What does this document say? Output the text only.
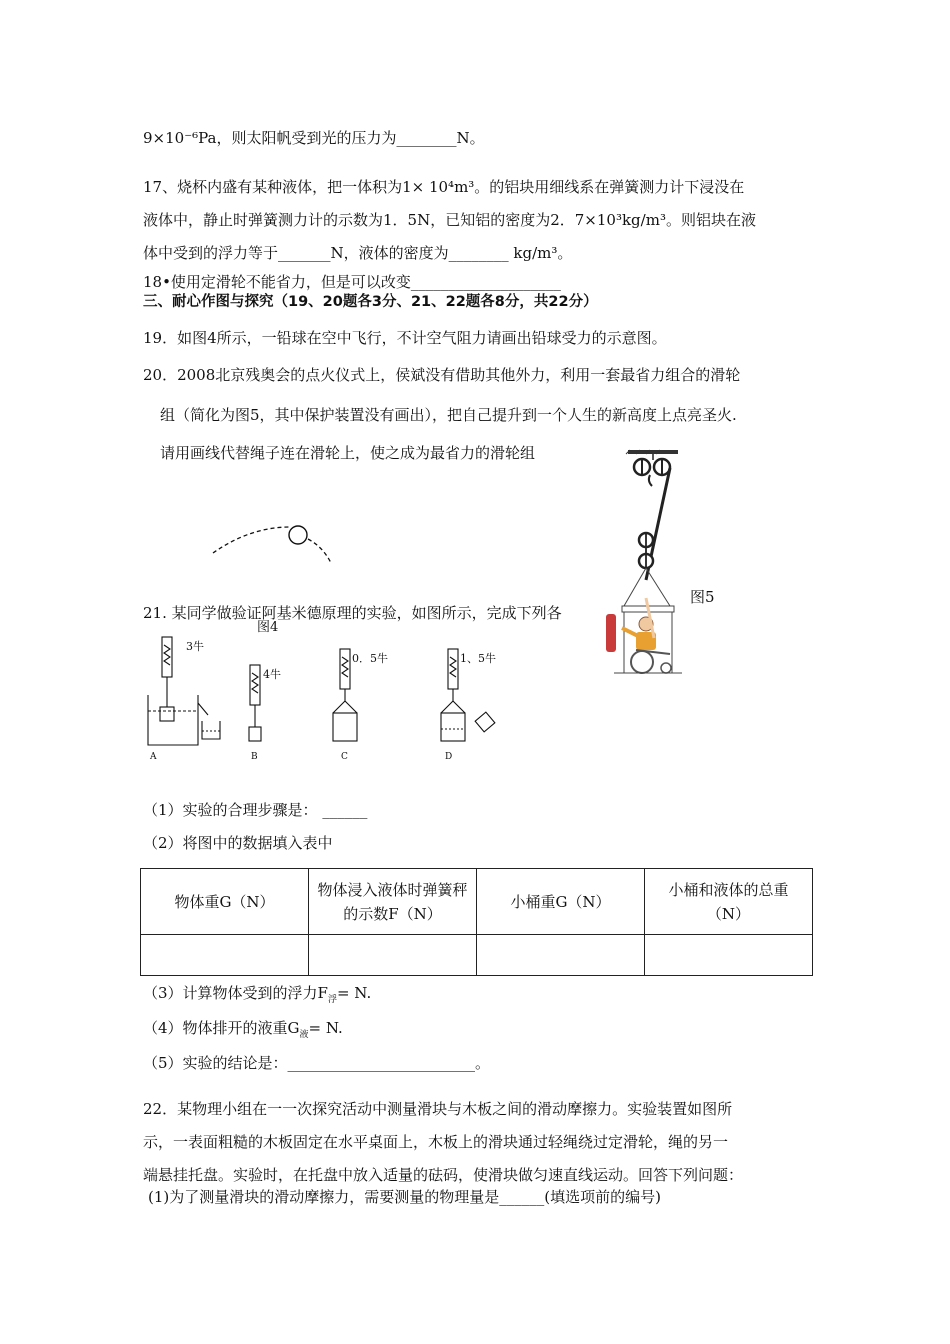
9×10⁻⁶Pa，则太阳帆受到光的压力为________N。
17、烧杯内盛有某种液体，把一体积为1× 10⁴m³。的铝块用细线系在弹簧测力计下浸没在
液体中，静止时弹簧测力计的示数为1．5N，已知铝的密度为2．7×10³kg/m³。则铝块在液
体中受到的浮力等于_______N，液体的密度为________ kg/m³。
18•使用定滑轮不能省力，但是可以改变____________________
三、耐心作图与探究（19、20题各3分、21、22题各8分，共22分）
19．如图4所示，一铅球在空中飞行，不计空气阻力请画出铅球受力的示意图。
20．2008北京残奥会的点火仪式上，侯斌没有借助其他外力，利用一套最省力组合的滑轮
组（简化为图5，其中保护装置没有画出），把自己提升到一个人生的新高度上点亮圣火.
请用画线代替绳子连在滑轮上，使之成为最省力的滑轮组
图4
图5
21. 某同学做验证阿基米德原理的实验，如图所示，完成下列各
3牛
4牛
0．5牛	1、5牛
A	B	C	D
（1）实验的合理步骤是： ______
（2）将图中的数据填入表中
物体重G（N）	物体浸入液体时弹簧秤的示数F（N）	小桶重G（N）	小桶和液体的总重（N）

（3）计算物体受到的浮力$F_浮= N$.
（4）物体排开的液重$G_液= N$.
（5）实验的结论是：_________________________。
22．某物理小组在一一次探究活动中测量滑块与木板之间的滑动摩擦力。实验装置如图所
示，一表面粗糙的木板固定在水平桌面上，木板上的滑块通过轻绳绕过定滑轮，绳的另一
端悬挂托盘。实验时，在托盘中放入适量的砝码，使滑块做匀速直线运动。回答下列问题：
(1)为了测量滑块的滑动摩擦力，需要测量的物理量是______(填选项前的编号)
